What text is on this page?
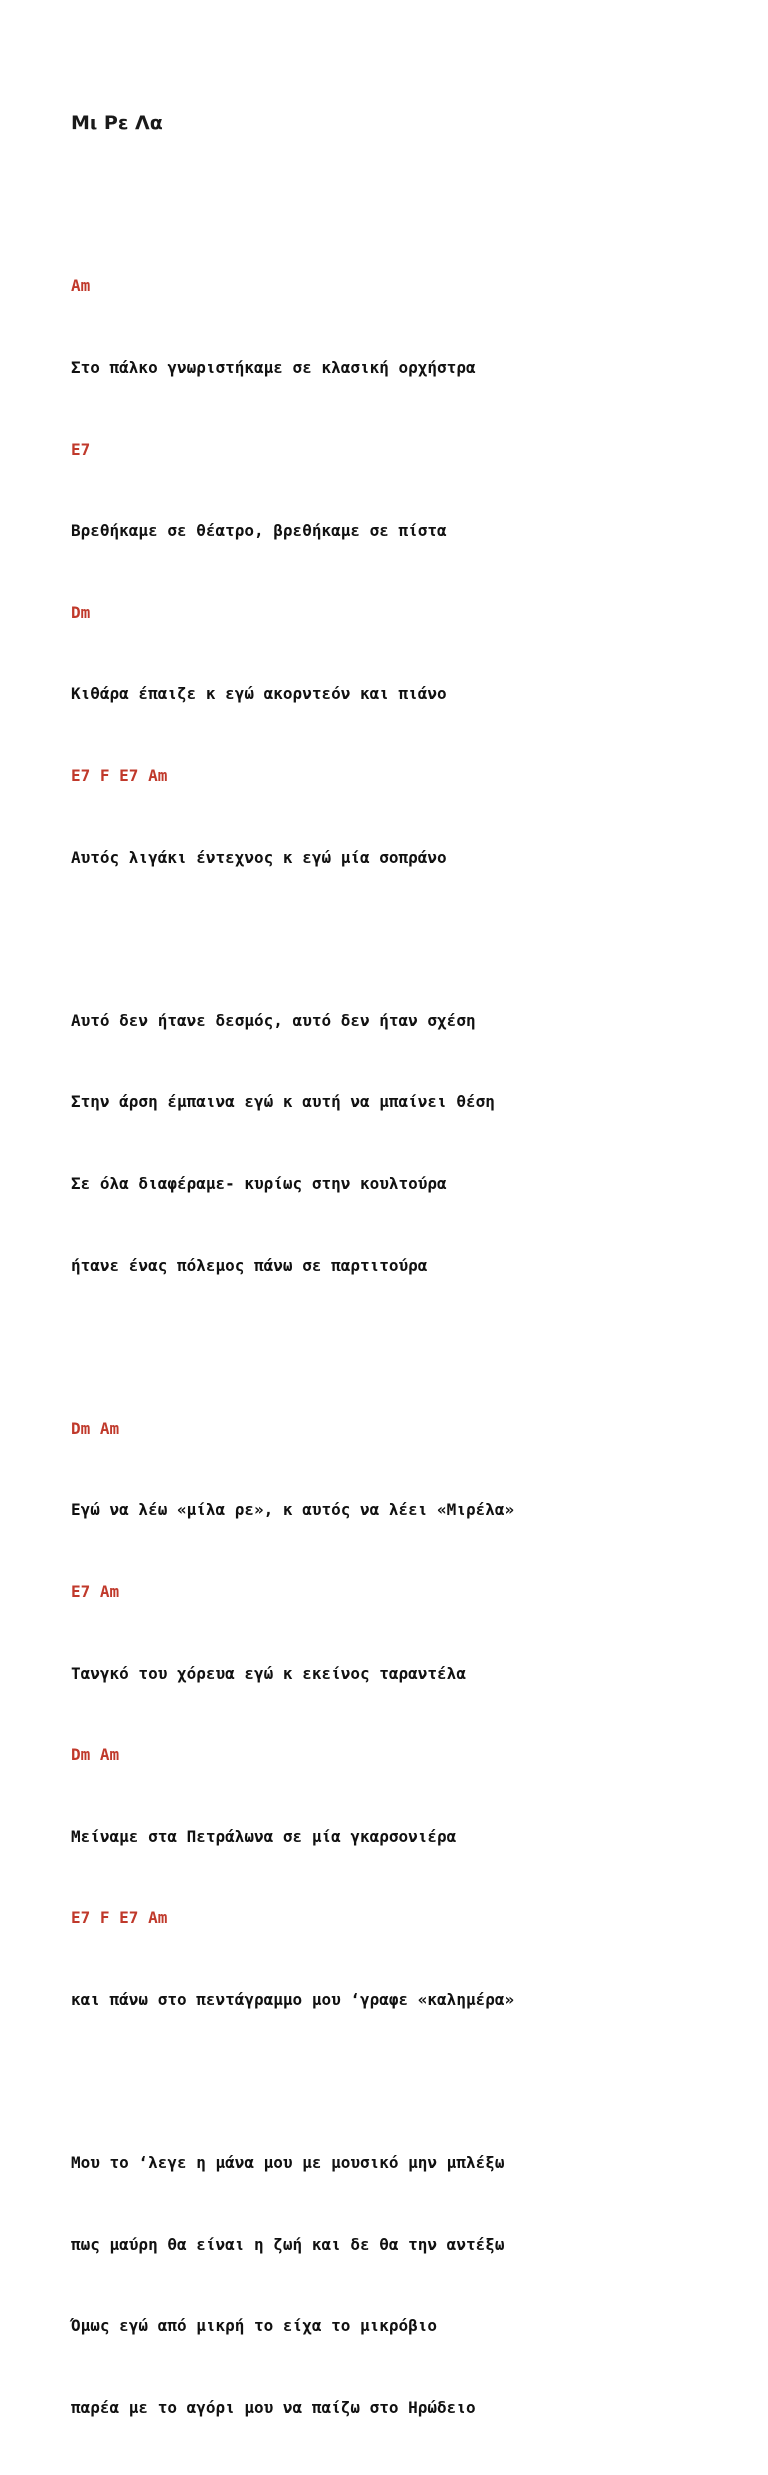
Μι Ρε Λα

Am

Στο πάλκο γνωριστήκαμε σε κλασική ορχήστρα

E7

Βρεθήκαμε σε θέατρο, βρεθήκαμε σε πίστα

Dm

Κιθάρα έπαιζε κ εγώ ακορντεόν και πιάνο

E7 F E7 Am

Αυτός λιγάκι έντεχνος κ εγώ μία σοπράνο

Αυτό δεν ήτανε δεσμός, αυτό δεν ήταν σχέση

Στην άρση έμπαινα εγώ κ αυτή να μπαίνει θέση

Σε όλα διαφέραμε- κυρίως στην κουλτούρα

ήτανε ένας πόλεμος πάνω σε παρτιτούρα

Dm Am

Εγώ να λέω «μίλα ρε», κ αυτός να λέει «Μιρέλα»

E7 Am

Τανγκό του χόρευα εγώ κ εκείνος ταραντέλα

Dm Am

Μείναμε στα Πετράλωνα σε μία γκαρσονιέρα

E7 F E7 Am

και πάνω στο πεντάγραμμο μου ‘γραφε «καλημέρα»

Μου το ‘λεγε η μάνα μου με μουσικό μην μπλέξω

πως μαύρη θα είναι η ζωή και δε θα την αντέξω

Όμως εγώ από μικρή το είχα το μικρόβιο

παρέα με το αγόρι μου να παίζω στο Ηρώδειο
